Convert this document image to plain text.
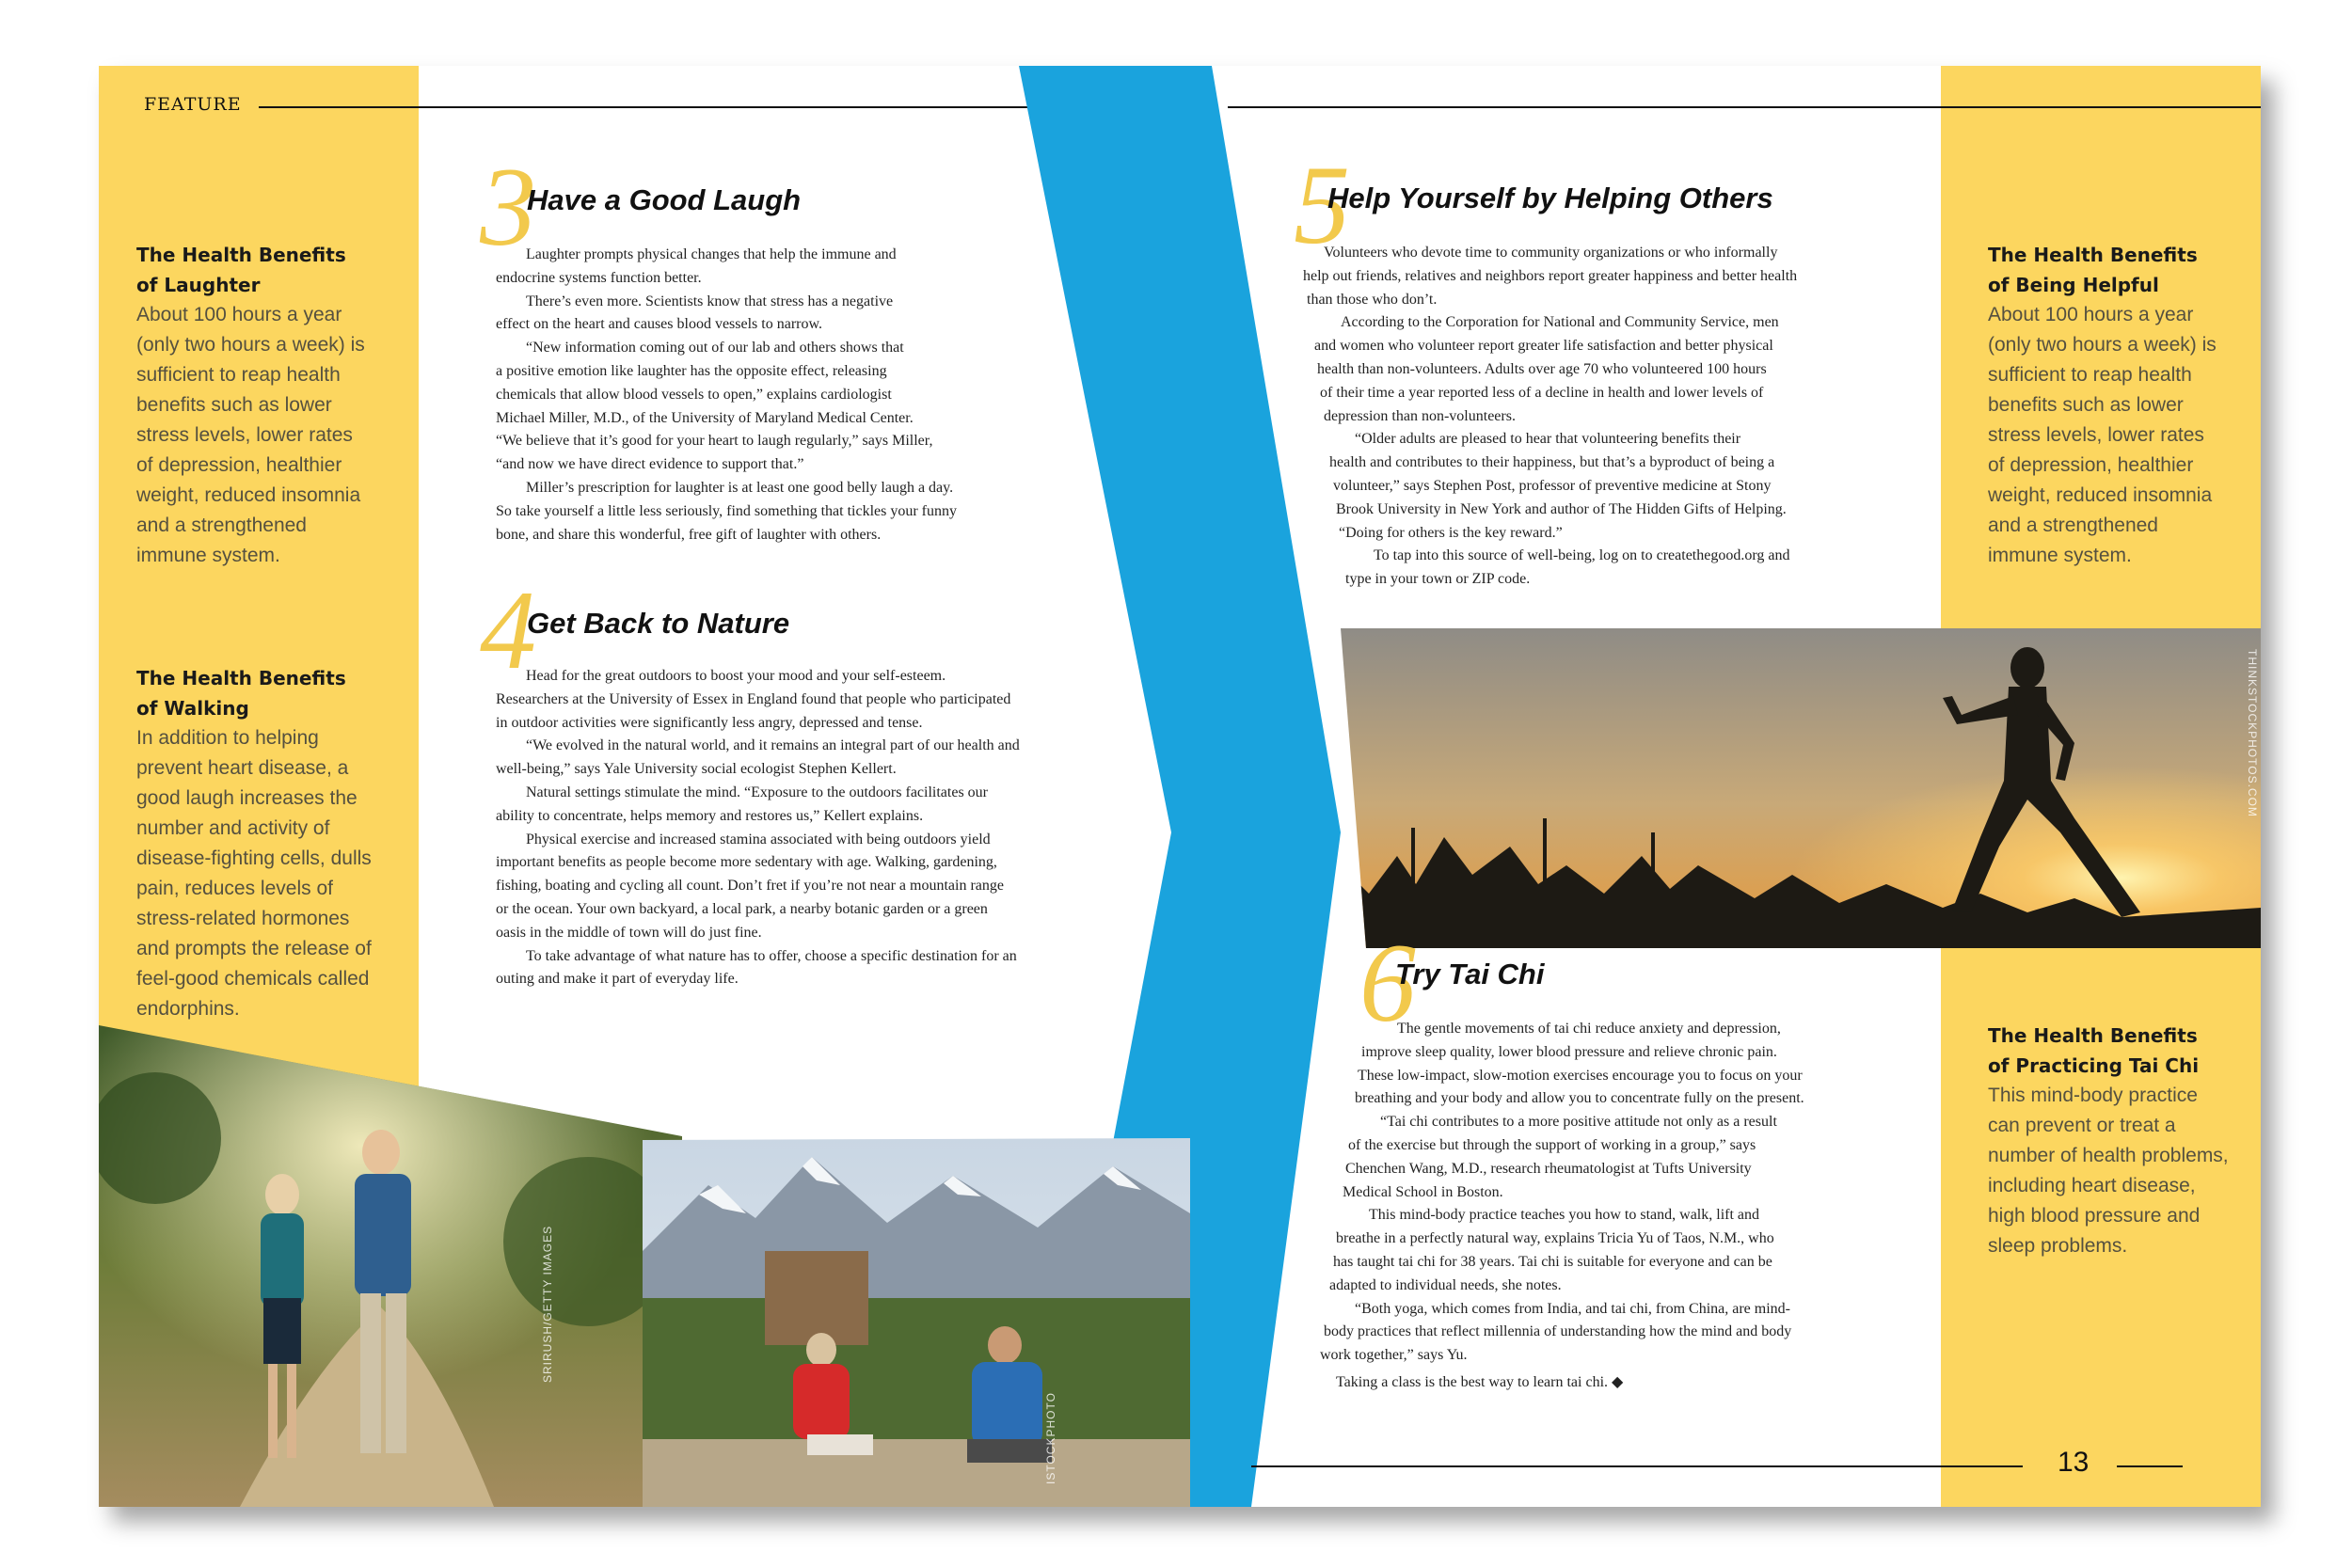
FEATURE
The Health Benefits
of Laughter
About 100 hours a year
(only two hours a week) is
sufficient to reap health
benefits such as lower
stress levels, lower rates
of depression, healthier
weight, reduced insomnia
and a strengthened
immune system.
The Health Benefits
of Walking
In addition to helping
prevent heart disease, a
good laugh increases the
number and activity of
disease-fighting cells, dulls
pain, reduces levels of
stress-related hormones
and prompts the release of
feel-good chemicals called
endorphins.
The Health Benefits
of Being Helpful
About 100 hours a year
(only two hours a week) is
sufficient to reap health
benefits such as lower
stress levels, lower rates
of depression, healthier
weight, reduced insomnia
and a strengthened
immune system.
The Health Benefits
of Practicing Tai Chi
This mind-body practice
can prevent or treat a
number of health problems,
including heart disease,
high blood pressure and
sleep problems.
SRIRUSH/GETTY IMAGES
ISTOCKPHOTO
THINKSTOCKPHOTOS.COM
3
Have a Good Laugh
Laughter prompts physical changes that help the immune and
endocrine systems function better.
There’s even more. Scientists know that stress has a negative
effect on the heart and causes blood vessels to narrow.
“New information coming out of our lab and others shows that
a positive emotion like laughter has the opposite effect, releasing
chemicals that allow blood vessels to open,” explains cardiologist
Michael Miller, M.D., of the University of Maryland Medical Center.
“We believe that it’s good for your heart to laugh regularly,” says Miller,
“and now we have direct evidence to support that.”
Miller’s prescription for laughter is at least one good belly laugh a day.
So take yourself a little less seriously, find something that tickles your funny
bone, and share this wonderful, free gift of laughter with others.
4
Get Back to Nature
Head for the great outdoors to boost your mood and your self-esteem.
Researchers at the University of Essex in England found that people who participated
in outdoor activities were significantly less angry, depressed and tense.
“We evolved in the natural world, and it remains an integral part of our health and
well-being,” says Yale University social ecologist Stephen Kellert.
Natural settings stimulate the mind. “Exposure to the outdoors facilitates our
ability to concentrate, helps memory and restores us,” Kellert explains.
Physical exercise and increased stamina associated with being outdoors yield
important benefits as people become more sedentary with age. Walking, gardening,
fishing, boating and cycling all count. Don’t fret if you’re not near a mountain range
or the ocean. Your own backyard, a local park, a nearby botanic garden or a green
oasis in the middle of town will do just fine.
To take advantage of what nature has to offer, choose a specific destination for an
outing and make it part of everyday life.
5
Help Yourself by Helping Others
Volunteers who devote time to community organizations or who informally
help out friends, relatives and neighbors report greater happiness and better health
than those who don’t.
According to the Corporation for National and Community Service, men
and women who volunteer report greater life satisfaction and better physical
health than non-volunteers. Adults over age 70 who volunteered 100 hours
of their time a year reported less of a decline in health and lower levels of
depression than non-volunteers.
“Older adults are pleased to hear that volunteering benefits their
health and contributes to their happiness, but that’s a byproduct of being a
volunteer,” says Stephen Post, professor of preventive medicine at Stony
Brook University in New York and author of The Hidden Gifts of Helping.
“Doing for others is the key reward.”
To tap into this source of well-being, log on to createthegood.org and
type in your town or ZIP code.
6
Try Tai Chi
The gentle movements of tai chi reduce anxiety and depression,
improve sleep quality, lower blood pressure and relieve chronic pain.
These low-impact, slow-motion exercises encourage you to focus on your
breathing and your body and allow you to concentrate fully on the present.
“Tai chi contributes to a more positive attitude not only as a result
of the exercise but through the support of working in a group,” says
Chenchen Wang, M.D., research rheumatologist at Tufts University
Medical School in Boston.
This mind-body practice teaches you how to stand, walk, lift and
breathe in a perfectly natural way, explains Tricia Yu of Taos, N.M., who
has taught tai chi for 38 years. Tai chi is suitable for everyone and can be
adapted to individual needs, she notes.
“Both yoga, which comes from India, and tai chi, from China, are mind-
body practices that reflect millennia of understanding how the mind and body
work together,” says Yu.
Taking a class is the best way to learn tai chi. ◆
13
